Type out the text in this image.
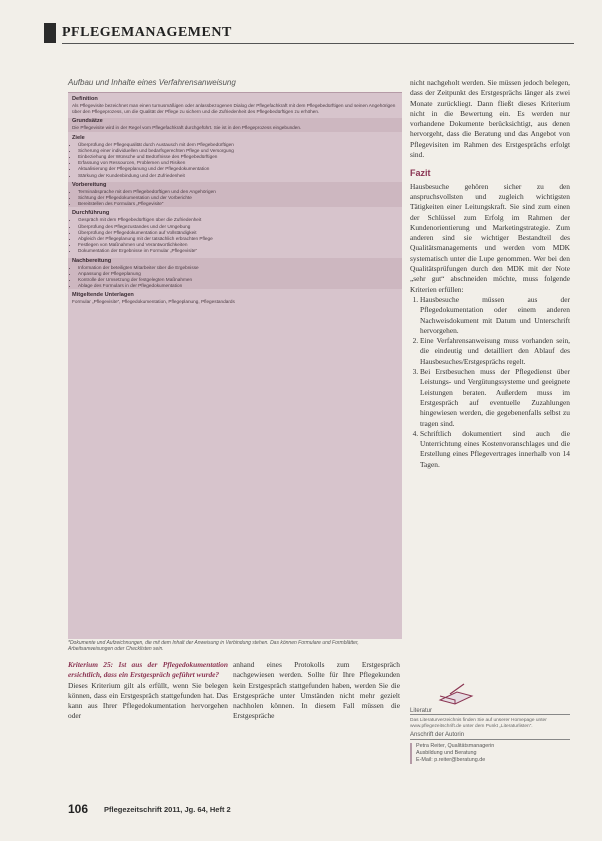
PFLEGEMANAGEMENT
Aufbau und Inhalte eines Verfahrensanweisung
Definition

Als Pflegevisite bezeichnet man einen turnusmäßigen oder anlassbezogenen Dialog der Pflegefachkraft mit dem Pflegebedürftigen und seinen Angehörigen über den Pflegeprozess, um die Qualität der Pflege zu sichern und die Zufriedenheit des Pflegebedürftigen zu erhöhen.

Grundsätze

Die Pflegevisite wird in der Regel vom Pflegefachkraft durchgeführt. Sie ist in den Pflegeprozess eingebunden.

Ziele
• Überprüfung der Pflegequalität durch Austausch mit dem Pflegebedürftigen
• Sicherung einer individuellen und bedarfsgerechten Pflege und Versorgung
• Einbeziehung der Wünsche und Bedürfnisse des Pflegebedürftigen
• Erfassung von Ressourcen, Problemen und Risiken
• Aktualisierung der Pflegeplanung und der Pflegedokumentation
• Stärkung der Kundenbindung und der Zufriedenheit
Vorbereitung
• Terminabsprache mit dem Pflegebedürftigen und den Angehörigen
• Sichtung der Pflegedokumentation und der Vorberichte
• Bereitstellen des Formulars „Pflegevisite“
Durchführung
• Gespräch mit dem Pflegebedürftigen über die Zufriedenheit
• Überprüfung des Pflegezustandes und der Umgebung
• Überprüfung der Pflegedokumentation auf Vollständigkeit
• Abgleich der Pflegeplanung mit der tatsächlich erbrachten Pflege
• Festlegen von Maßnahmen und Verantwortlichkeiten
• Dokumentation der Ergebnisse im Formular „Pflegevisite“
Nachbereitung
• Information der beteiligten Mitarbeiter über die Ergebnisse
• Anpassung der Pflegeplanung
• Kontrolle der Umsetzung der festgelegten Maßnahmen
• Ablage des Formulars in der Pflegedokumentation
Mitgeltende Unterlagen

Formular „Pflegevisite“, Pflegedokumentation, Pflegeplanung, Pflegestandards

*Dokumente und Aufzeichnungen, die mit dem Inhalt der Anweisung in Verbindung stehen. Das können Formulare und Formblätter, Arbeitsanweisungen oder Checklisten sein.

nicht nachgeholt werden. Sie müssen jedoch belegen, dass der Zeitpunkt des Erstgesprächs länger als zwei Monate zurückliegt. Dann fließt dieses Kriterium nicht in die Bewertung ein. Es werden nur vorhandene Dokumente berücksichtigt, aus denen hervorgeht, dass die Beratung und das Angebot von Pflegevisiten im Rahmen des Erstgesprächs erfolgt sind.

Fazit

Hausbesuche gehören sicher zu den anspruchsvollsten und zugleich wichtigsten Tätigkeiten einer Leitungskraft. Sie sind zum einen der Schlüssel zum Erfolg im Rahmen der Kundenorientierung und Marketingstrategie. Zum anderen sind sie wichtiger Bestandteil des Qualitätsmanagements und werden vom MDK systematisch unter die Lupe genommen. Wer bei den Qualitätsprüfungen durch den MDK mit der Note „sehr gut“ abschneiden möchte, muss folgende Kriterien erfüllen:

1. Hausbesuche müssen aus der Pflegedokumentation oder einem anderen Nachweisdokument mit Datum und Unterschrift hervorgehen.
2. Eine Verfahrensanweisung muss vorhanden sein, die eindeutig und detailliert den Ablauf des Hausbesuches/Erstgesprächs regelt.
3. Bei Erstbesuchen muss der Pflegedienst über Leistungs- und Vergütungssysteme und geeignete Leistungen beraten. Außerdem muss im Erstgespräch auf eventuelle Zuzahlungen hingewiesen werden, die gegebenenfalls selbst zu tragen sind.
4. Schriftlich dokumentiert sind auch die Unterrichtung eines Kostenvoranschlages und die Erstellung eines Pflegevertrages innerhalb von 14 Tagen.
Literatur
Das Literaturverzeichnis finden Sie auf unserer Homepage unter www.pflegezeitschrift.de unter dem Punkt „Literaturlisten“.
Anschrift der Autorin
Petra Reiter, Qualitätsmanagerin
Ausbildung und Beratung
E-Mail: p.reiter@beratung.de

Kriterium 25: Ist aus der Pflegedokumentation ersichtlich, dass ein Erstgespräch geführt wurde?

Dieses Kriterium gilt als erfüllt, wenn Sie belegen können, dass ein Erstgespräch stattgefunden hat. Das kann aus Ihrer Pflegedokumentation hervorgehen oder

anhand eines Protokolls zum Erstgespräch nachgewiesen werden. Sollte für Ihre Pflegekunden kein Erstgespräch stattgefunden haben, werden Sie die Erstgespräche unter Umständen nicht mehr gezielt nachholen können. In diesem Fall müssen die Erstgespräche

106 Pflegezeitschrift 2011, Jg. 64, Heft 2
